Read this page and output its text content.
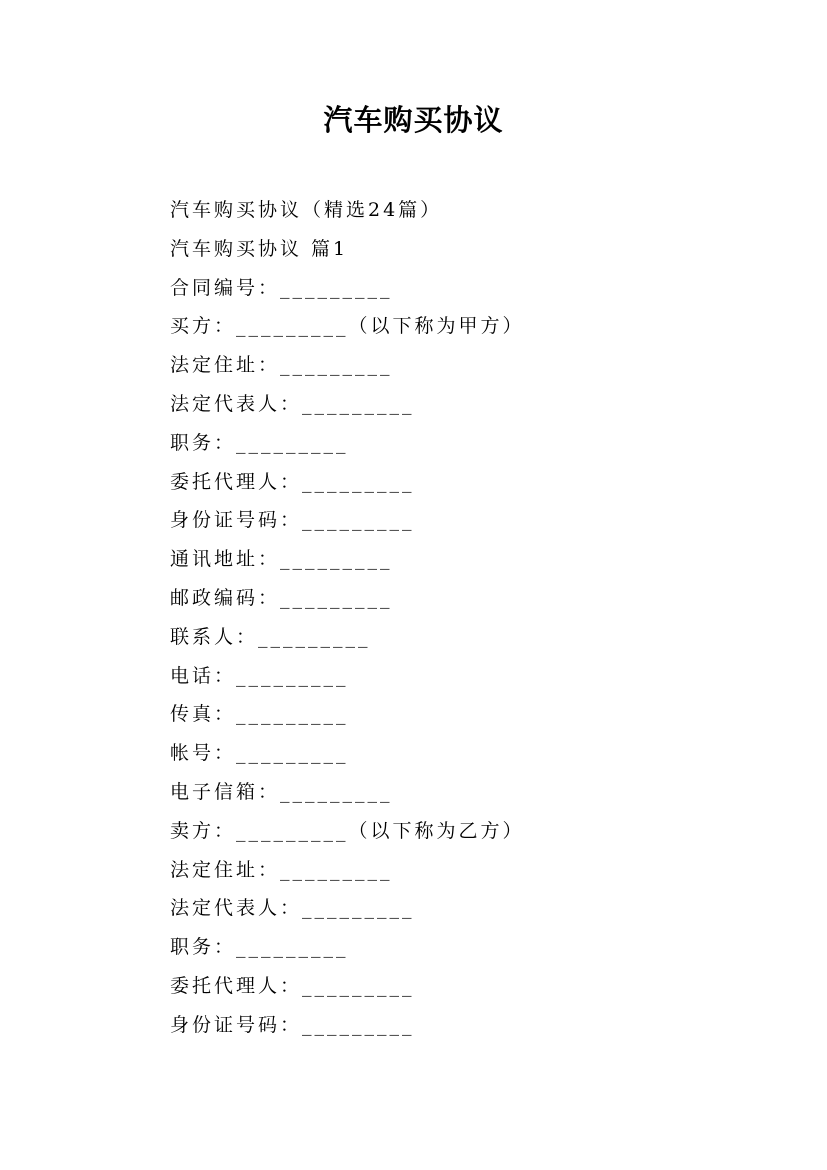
汽车购买协议
汽车购买协议（精选24篇）
汽车购买协议 篇1
合同编号：_________
买方：_________（以下称为甲方）
法定住址：_________
法定代表人：_________
职务：_________
委托代理人：_________
身份证号码：_________
通讯地址：_________
邮政编码：_________
联系人：_________
电话：_________
传真：_________
帐号：_________
电子信箱：_________
卖方：_________（以下称为乙方）
法定住址：_________
法定代表人：_________
职务：_________
委托代理人：_________
身份证号码：_________
